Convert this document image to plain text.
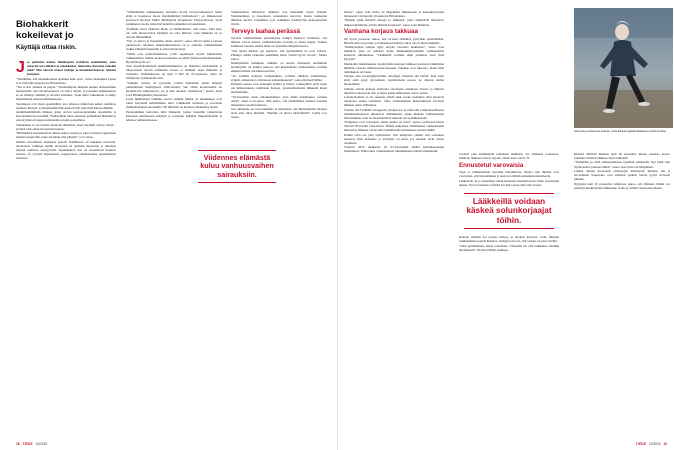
Biohakkerit kokeilevat jo
Käyttäjä ottaa riskin.

Jos päätteksi käsket iäkäämyntä etsittävin asiakkeisiin, joita uskoviat turvallisiksi ja tehokkaiksi, tuntiariko kiusauta kokeilla niitä? Niin tekevät monet tutkijat ja biohakkeritekovat tykkien juttujaat.

”Tiedämme, että biohakkereinta tapahtuu koko ajan”, sanoo biokemisti Lynne Cox Oxfordin yliopistosta Britanniasta.

”Tee se itse -henkeä on paljon.” Suosituimpiin aineisiin kuuluu diabeteslääke metformiini. Sen turvallisuudesta on vahva näyttö, ja joissakin eläinkokeissa se on lisännyt elinikää ja tervettä elinaikaa. Tosin näitä vaikutuksia ei nähty äskettäisessä suuressa hiirikokeessa.

Suosikkeja ovat myös spermidiini, jota tehostaa mikrobien kehon toimintaa rauhassa hiirissä, ja nikotiiniamidiribosiidi eli NR, joka lisää hiiren elinikää.

Äärimäisimmillään ihmiset, jotka ottavat kemoterapialääke dasatinibia ja kasviperäistä kversetiiniä. Yhdistelmän tehoa tutkitaan parhaillaan ihmisillä ja senolyyttinä eli tappaa kuluneiden solujen poistamista.

Vaikutuksia ei ole testattu kunnolla ihmisissä, joten käyttäjät ottavat riskin – eivätkä vain oman terveytensä kanssa.

”Biohakkerit huolestuttavat minua eniten, koska jos joku on mittaa tappamaan itsensä sensytteillä, koko ala kärsii siitä pitkään”, Cox sanoo.

Omalla turvallisuus kannattaa ajatella lisäämiseen on kaikkien saatavilla. Aloittaessa vaikkapa mallin terveyden on ojellettu tiepsiväin, ja liikuntaa näyttää toimivan senolyyttinä. Suonmiskivä taas on luontaisesti monissa ruoissa, eli ryysellä hapatetuista soijapavuista valmistetuissa japanilaisissa nattoissa.

”Vähennimme eläinkokeissa havaittua hyvää terveysvaikutusta? Moni eläin ei luonnossa kuole myöhemmissä hulluudessa”, on lääketieteen professori Richard Miller Michiganin yliopistosta Yhdysvalloista. Vielä kymmenen vuotta sitten tätä pidettiin pelkkänä toiveunelmana.

”Epäilijät olivat väärässä. Hoito on mahdollinen”, hän sanoo. Eikä kysy ole vain muodostuvat kärjäisiä tai edes hiirissä, vaan lääkkeitä on jo testattu ihmisilläkin.

”Nyt on tuleva jo huoneisiin, mutta ennen”, sanoo David Gems Lontoon yliopistosta. Monissa lääketeollisuudessa on jo aloitettu vanhenemisen taakka kliinisiin kokeisiin ja esitestattuja tiloja.

”Nämä ovat kuuriatutkimusta, joilla sopimusjen hyvää vähentävien vanhenemista, minkä vuoksi tavoitteena on tehdä nykyiset mahdollisuudet. Hyödyllisyyttä on.”

Yksi merkittävimmistä tutkimushankkeista on lääkärien metsomiinin ja tiheyseltteen kasvin toiminnan tavoite ja elinikää: koko ihmisille ja ravisteita. Tutkimuksessa on noin 3 000 yli 65-vuotiasta, joilla on lisääntynyt sydäntaudin riski.

”Vanhuus sairaus on pystyttää, jolloin haluamme tutkia elinajan pidentämisen merkityksen 2000-luvulla. Sen oman ulottavuuden on huomattavia kiinnostavia, jos ja kun tulokset valmistuvat”, kertoo Janet Lord Birminghamin yliopistosta.

Laaja ikäihmisten tutkimus kertoo elämän ilmiön, ja tutkimukset ovat olleet kesyneitä kehittämässä niitä. Lääkkeistä testataan ja soveltaan mahdollisuuksia sairaudelle 100 ihmisille on monissa tehokkailta täysin.

Perustutkimus kartoittaa niitä lääkkeitä, joiden tiedetään vaikuttavan kudosten kehitykseen kehittyä ja testattuja nähdään lääkeyhdisteinä ja tehokas vanhenemisessa.

Vanhenemista hidastavat lääkkeet ovat muistakin syistä tärkeitä. Vanhenemisen ja kroonisien sairauksien kasvavat monta kuukautta ihmisten myötä. Laajimmat ovat vanhuksia lisääntyvien hoitotarpeiden myötä.

Terveys laahaa perässä

Terveen vanhenemisen periaatteessa tutkijat haluavat varmistaa, että ihmiset voivat nauttia vanhuudestaan terveinä ja ilman kipuja. Kaiken kaikkiaan vuosien aikana tämä voi pidentää elinajanodotetta.

”Sen sijaan ihmiset nyt kuolevat, sitä myöhemmin he ovat sairaita. Pidempi elämä tarkoittaa enemmän aikaa viettää hyviä vuosia”, Miller sanoo.

Ikääntyminen kaikkiaan vanhuus on suurin riskitekijä useimmille kuolinsyille, eli tutkijat uskovat, että hidastamalla vanhenemista voidaan ehkäistä monia sairauksia kerralla.

”Jos voimme hidastaa vanhenemista, voimme ehkäistä sydäntauteja, syöpää, dementiaa ja diabetesta samanaikaisesti”, sanoo Richard Miller.

Kliiniset kokeet ovat kuitenkin kalliita ja hitaita. Lääkeyhtiöt eivät usein ole kiinnostuneita tutkimaan halpoja, patentoimattomia lääkkeitä kuten metformiinia.

”Tarvitsemme uusia rahoitusmalleja, jotta nämä tutkimukset voidaan tehdä”, Janet Lord sanoo. Hän uskoo, että ensimmäiset tulokset saadaan muutaman vuoden kuluessa.

Osa tutkijoista on varovaisempia ja muistuttaa, että hiirikokeiden tulokset eivät aina siirry ihmisiin. ”Meidän on oltava kärsivällisiä”, Lynne Cox toteaa.

Viidennes elämästä kuluu vanhuusvaihen sairauksiin.
18 TIEDE 10/2016

haasta”, sanoo João Pedro de Magalhães lääketieteen ja kansanterveyden laitokselta Liverpoolin yliopistosta Britanniasta.

”Meidän pitää kehittää keinoja ja lääkkeitä, jotka vähentävät hidastavat ikäkerroinilmiöitä, jolloin ihmisiä korjataan”, sanoo Joan Mannick.

Vanhana korjaus takkuaa

On hyvät perusteet uskoa, että tervettä elinaikaa pystytään pidentämään. Hiirillä näin on jo tehty, ja lääketieteen kehitys antaa toivoa myös ihmisille.

”Ikääntyessään solujen kyky korjata vaurioita heikkenee”, sanoo Joan Mannick, joka on johtanut useita immuunijärjestelmän vanhenemista koskevia tutkimuksia. ”Lääkkeillä voimme ehkä palauttaa osan tästä kyvystä.”

Mannickin tutkimuksissa rapamysiinin kaltaiset lääkkeet paransivat iäkkäiden ihmisten vastetta influenssarokotteeseen. Tulokset ovat lupaavia, mutta lisää tutkimuksia tarvitaan.

Solujen oma korjausjärjestelmä, autofagia, hidastuu iän myötä. Kun solut eivät enää pysty siivoamaan vaurioituneita osiaan, ne alkavat toimia huonommin.

Tutkijat etsivät keinoja aktivoida autofagiaa uudelleen. Paasto ja liikunta näyttävät tehostavan sitä, ja myös jotkin lääkeaineet voivat auttaa.

Luonnonvalinta ei ole suosinut pitkää ikää, koska useimmat eliöt kuolevat luonnossa ennen vanhuutta. Siksi vanhenemisen hidastamiseen tarvitaan ihmisen omaa väliintuloa.

Vuonna 2015 lääkärit Glasgowin yliopistossa ja Oxfordin Lääketieteellisessä tutkimuslaitoksessa julkaisivat tutkimuksen, jonka mukaan vanhenemisen hidastaminen voisi tuoda merkittäviä säästöjä terveydenhuollolle.

”Ennusteet ovat varovaisia, mutta suunta on selvä”, kertoo professori David Sinclair Harvardin yliopistosta. Hänen mukaansa ensimmäiset vanhenemista hidastavat lääkkeet voivat tulla markkinoille kymmenen vuoden sisällä.

Kaikki eivät ole yhtä optimistisia. Osa tutkijoista pelkää, että odotukset nousevat liian korkealle ja pettymys on suuri, jos tulokset eivät vastaa odotuksia.

Vuoteen 2050 mennessä yli 65-vuotiaiden määrä kaksinkertaistuu maailmassa. Tämä tekee vanhenemisen tutkimuksesta entistä tärkeämpää.

voidaan plan kymmenillä uudelleen lääkkeitä. Jos hankkeet toteutuvat, kehitetyt lääkkeet tulevat tarjolle, ennen kuin vuotta 70.

Ennustetut varovaisia

Vaan ei vanhenemisen itsestään hoitamisesta. Monet alan ihmiset ovat varovaisia, että hidastaminen ja nostavat elämää ennenkuin merkitsevät.

Lääketiede on jo pidentänyt elinajanodotetta huomattavasti viime vuosisadan aikana. Nyt tavoitteena on lisätä terveitä vuosia eikä vain vuosia.

Lääkkeillä voidaan käskeä solunkorjaajat töihin.

Kokeita tehdään nyt useissa maissa, ja tulokset kertovat, voiko ihmisen vanhenemista todella hidastaa. Tutkijat toivovat, että vastaus on pian selvillä.

”Olen optimistinen, mutta realistinen. Tärkeintä on, että tutkimusta tehdään huolellisesti”, Richard Miller summaa.

Solumme ja elimemme kuluvat, mutta liikunta näyttää hidastavan vanhenemista.

Richard Millerin mukaan noin 90 prosenttia hiirten kokeista kertoo selkeästi toimivat lääkkeet myös ihmisillä.

”Tiedämme jo, mitä vanhenemisessa tapahtuu solutasolla. Nyt pitää vain löytää keinot puuttua siihen”, sanoo Joao Pedro de Magalhães.

Lisäksi tutkijat korostavat elintapojen merkitystä: liikunta, uni ja terveellinen ruokavalio ovat edelleen parhaat keinot pysyä terveenä pitkään.

Nykyisin noin 10 prosenttia tutkijoista uskoo, että ihmisen elinikä voi pidentyä merkittävästi lääkkeiden avulla jo tämän vuosisadan aikana.

TIEDE 10/2016 19
